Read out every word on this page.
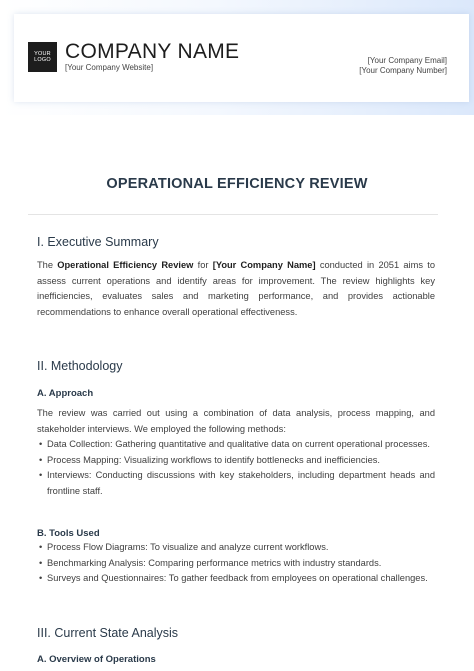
YOUR
LOGO COMPANY NAME
[Your Company Website]
[Your Company Email]
[Your Company Number]
OPERATIONAL EFFICIENCY REVIEW
I. Executive Summary
The Operational Efficiency Review for [Your Company Name] conducted in 2051 aims to assess current operations and identify areas for improvement. The review highlights key inefficiencies, evaluates sales and marketing performance, and provides actionable recommendations to enhance overall operational effectiveness.
II. Methodology
A. Approach
The review was carried out using a combination of data analysis, process mapping, and stakeholder interviews. We employed the following methods:
• Data Collection: Gathering quantitative and qualitative data on current operational processes.
• Process Mapping: Visualizing workflows to identify bottlenecks and inefficiencies.
• Interviews: Conducting discussions with key stakeholders, including department heads and frontline staff.
B. Tools Used
• Process Flow Diagrams: To visualize and analyze current workflows.
• Benchmarking Analysis: Comparing performance metrics with industry standards.
• Surveys and Questionnaires: To gather feedback from employees on operational challenges.
III. Current State Analysis
A. Overview of Operations
